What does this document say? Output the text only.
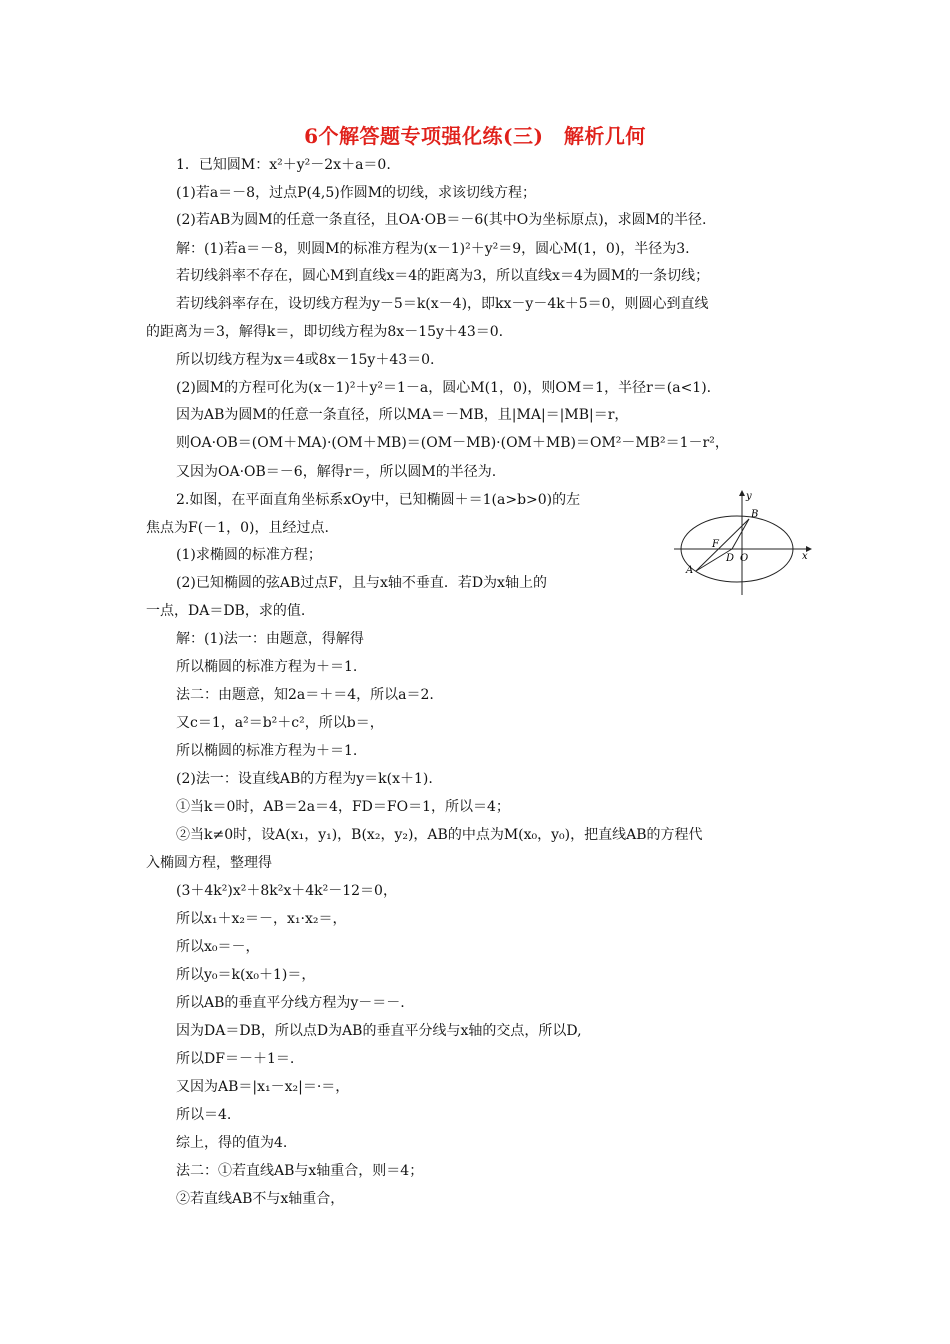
6个解答题专项强化练(三)　解析几何
1．已知圆M：x²＋y²－2x＋a＝0.
(1)若a＝－8，过点P(4,5)作圆M的切线，求该切线方程；
(2)若AB为圆M的任意一条直径，且OA·OB＝－6(其中O为坐标原点)，求圆M的半径.
解：(1)若a＝－8，则圆M的标准方程为(x－1)²＋y²＝9，圆心M(1，0)，半径为3.
若切线斜率不存在，圆心M到直线x＝4的距离为3，所以直线x＝4为圆M的一条切线；
若切线斜率存在，设切线方程为y－5＝k(x－4)，即kx－y－4k＋5＝0，则圆心到直线
的距离为＝3，解得k＝，即切线方程为8x－15y＋43＝0.
所以切线方程为x＝4或8x－15y＋43＝0.
(2)圆M的方程可化为(x－1)²＋y²＝1－a，圆心M(1，0)，则OM＝1，半径r＝(a<1).
因为AB为圆M的任意一条直径，所以MA＝－MB，且|MA|＝|MB|＝r，
则OA·OB＝(OM＋MA)·(OM＋MB)＝(OM－MB)·(OM＋MB)＝OM²－MB²＝1－r²，
又因为OA·OB＝－6，解得r＝，所以圆M的半径为.
2.如图，在平面直角坐标系xOy中，已知椭圆＋＝1(a>b>0)的左
焦点为F(－1，0)，且经过点.
(1)求椭圆的标准方程；
(2)已知椭圆的弦AB过点F，且与x轴不垂直．若D为x轴上的
一点，DA＝DB，求的值.
解：(1)法一：由题意，得解得
所以椭圆的标准方程为＋＝1.
法二：由题意，知2a＝＋＝4，所以a＝2.
又c＝1，a²＝b²＋c²，所以b＝，
所以椭圆的标准方程为＋＝1.
(2)法一：设直线AB的方程为y＝k(x＋1).
①当k＝0时，AB＝2a＝4，FD＝FO＝1，所以＝4；
②当k≠0时，设A(x₁，y₁)，B(x₂，y₂)，AB的中点为M(x₀，y₀)，把直线AB的方程代
入椭圆方程，整理得
(3＋4k²)x²＋8k²x＋4k²－12＝0，
所以x₁＋x₂＝－，x₁·x₂＝，
所以x₀＝－，
所以y₀＝k(x₀＋1)＝，
所以AB的垂直平分线方程为y－＝－.
因为DA＝DB，所以点D为AB的垂直平分线与x轴的交点，所以D,
所以DF＝－＋1＝.
又因为AB＝|x₁－x₂|＝·＝，
所以＝4.
综上，得的值为4.
法二：①若直线AB与x轴重合，则＝4；
②若直线AB不与x轴重合，
y
x
B
F
D O
A
